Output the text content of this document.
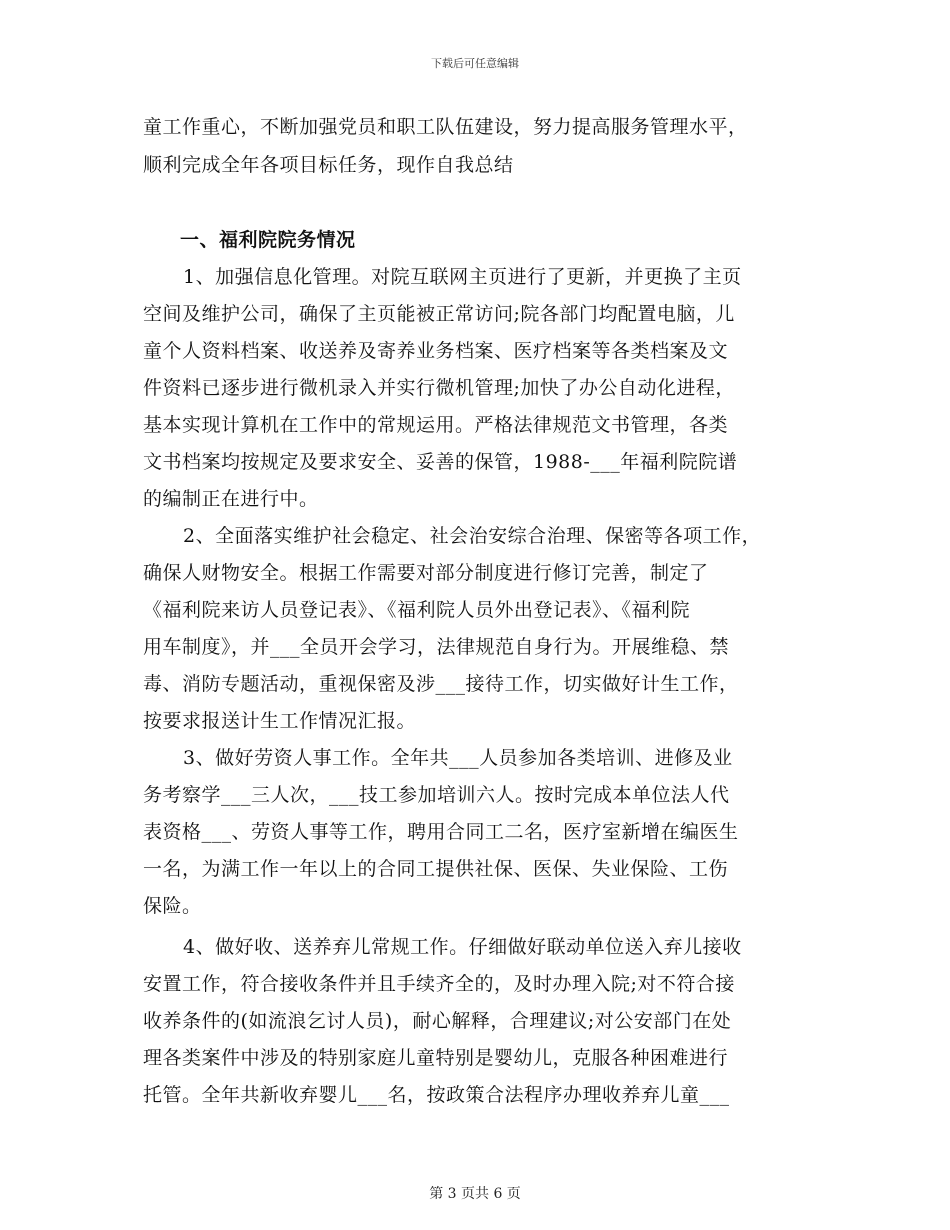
下载后可任意编辑
童工作重心，不断加强党员和职工队伍建设，努力提高服务管理水平，
顺利完成全年各项目标任务，现作自我总结
一、福利院院务情况
1、加强信息化管理。对院互联网主页进行了更新，并更换了主页
空间及维护公司，确保了主页能被正常访问;院各部门均配置电脑，儿
童个人资料档案、收送养及寄养业务档案、医疗档案等各类档案及文
件资料已逐步进行微机录入并实行微机管理;加快了办公自动化进程，
基本实现计算机在工作中的常规运用。严格法律规范文书管理，各类
文书档案均按规定及要求安全、妥善的保管，1988-___年福利院院谱
的编制正在进行中。
2、全面落实维护社会稳定、社会治安综合治理、保密等各项工作，
确保人财物安全。根据工作需要对部分制度进行修订完善，制定了
《福利院来访人员登记表》、《福利院人员外出登记表》、《福利院
用车制度》，并___全员开会学习，法律规范自身行为。开展维稳、禁
毒、消防专题活动，重视保密及涉___接待工作，切实做好计生工作，
按要求报送计生工作情况汇报。
3、做好劳资人事工作。全年共___人员参加各类培训、进修及业
务考察学___三人次，___技工参加培训六人。按时完成本单位法人代
表资格___、劳资人事等工作，聘用合同工二名，医疗室新增在编医生
一名，为满工作一年以上的合同工提供社保、医保、失业保险、工伤
保险。
4、做好收、送养弃儿常规工作。仔细做好联动单位送入弃儿接收
安置工作，符合接收条件并且手续齐全的，及时办理入院;对不符合接
收养条件的(如流浪乞讨人员)，耐心解释，合理建议;对公安部门在处
理各类案件中涉及的特别家庭儿童特别是婴幼儿，克服各种困难进行
托管。全年共新收弃婴儿___名，按政策合法程序办理收养弃儿童___
第 3 页共 6 页
